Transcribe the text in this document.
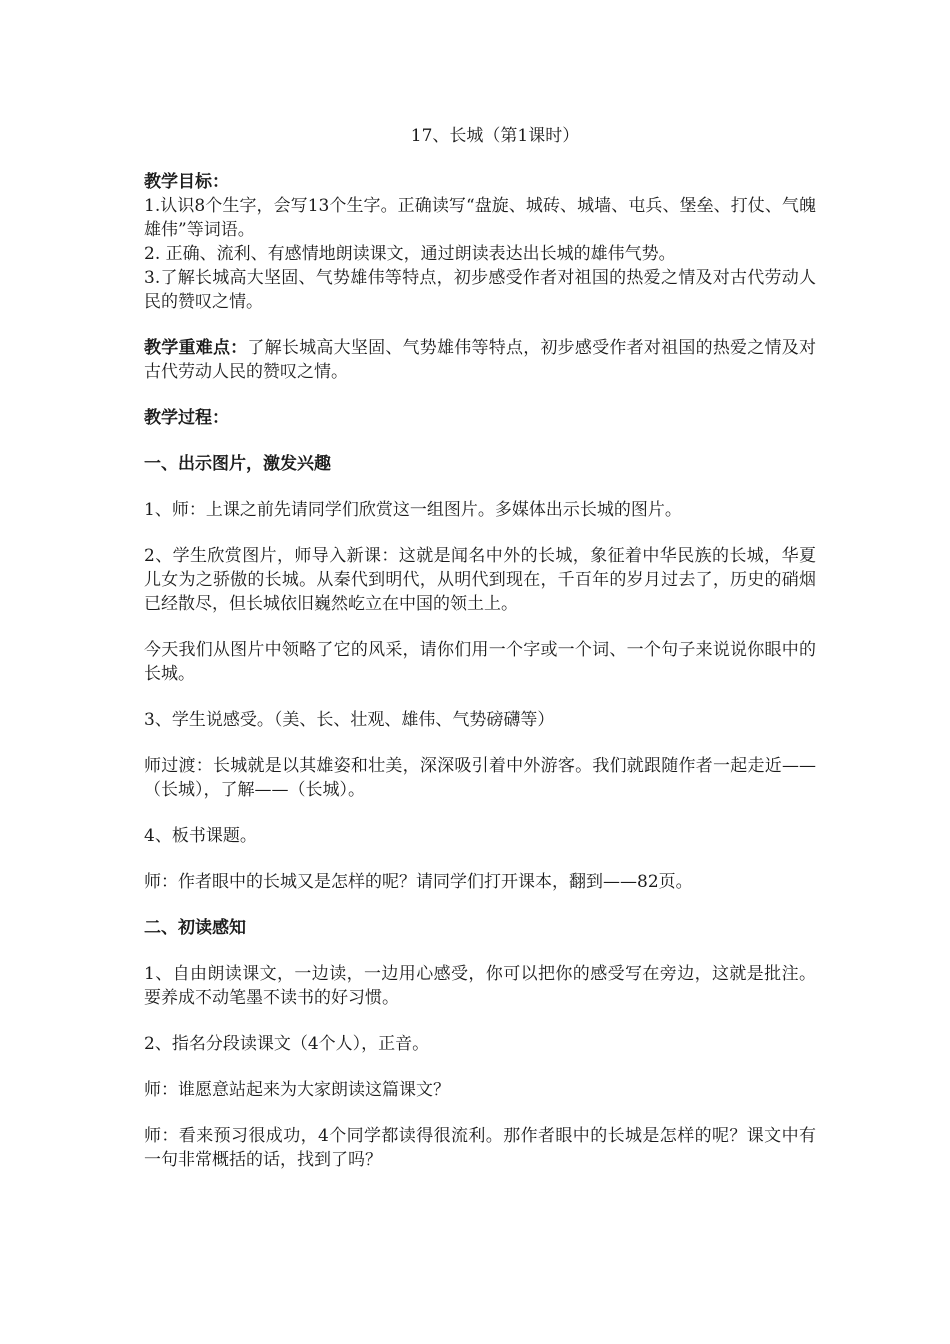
17、长城（第1课时）

教学目标：

1.认识8个生字，会写13个生字。正确读写“盘旋、城砖、城墙、屯兵、堡垒、打仗、气魄雄伟”等词语。

2. 正确、流利、有感情地朗读课文，通过朗读表达出长城的雄伟气势。

3.了解长城高大坚固、气势雄伟等特点，初步感受作者对祖国的热爱之情及对古代劳动人民的赞叹之情。

教学重难点：了解长城高大坚固、气势雄伟等特点，初步感受作者对祖国的热爱之情及对古代劳动人民的赞叹之情。

教学过程：

一、出示图片，激发兴趣

1、师：上课之前先请同学们欣赏这一组图片。多媒体出示长城的图片。

2、学生欣赏图片，师导入新课：这就是闻名中外的长城，象征着中华民族的长城，华夏儿女为之骄傲的长城。从秦代到明代，从明代到现在，千百年的岁月过去了，历史的硝烟已经散尽，但长城依旧巍然屹立在中国的领土上。

今天我们从图片中领略了它的风采，请你们用一个字或一个词、一个句子来说说你眼中的长城。

3、学生说感受。（美、长、壮观、雄伟、气势磅礴等）

师过渡：长城就是以其雄姿和壮美，深深吸引着中外游客。我们就跟随作者一起走近——（长城），了解——（长城）。

4、板书课题。

师：作者眼中的长城又是怎样的呢？请同学们打开课本，翻到——82页。

二、初读感知

1、自由朗读课文，一边读，一边用心感受，你可以把你的感受写在旁边，这就是批注。要养成不动笔墨不读书的好习惯。

2、指名分段读课文（4个人），正音。

师：谁愿意站起来为大家朗读这篇课文？

师：看来预习很成功，4个同学都读得很流利。那作者眼中的长城是怎样的呢？课文中有一句非常概括的话，找到了吗？
